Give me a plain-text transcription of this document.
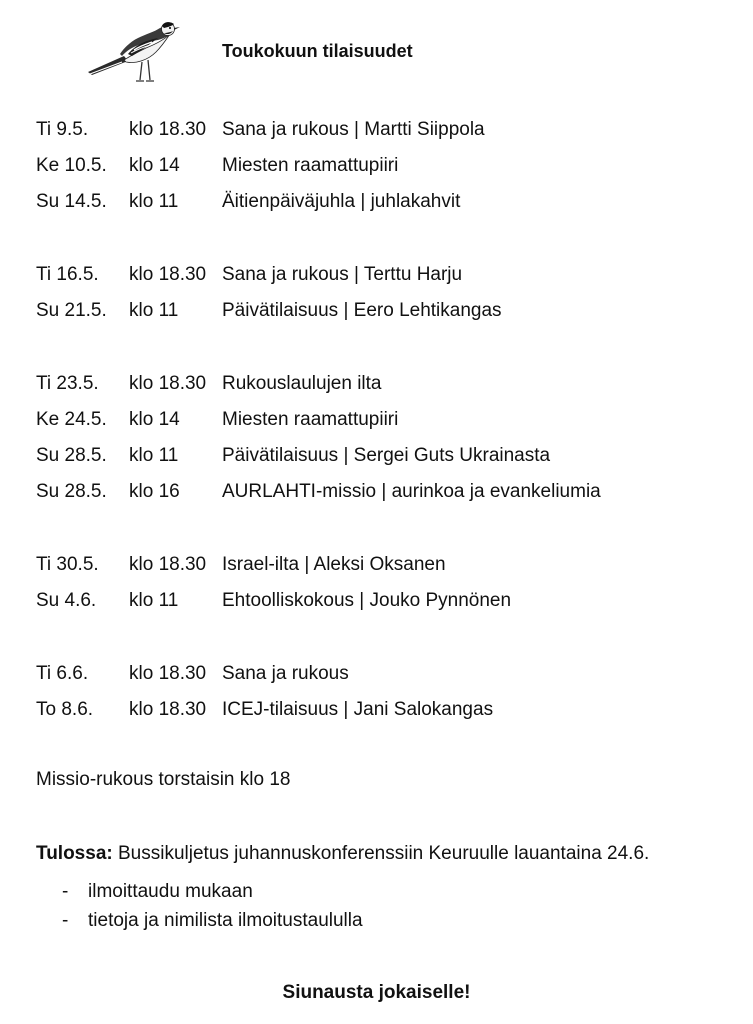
Toukokuun tilaisuudet
Ti 9.5. klo 18.30 Sana ja rukous | Martti Siippola
Ke 10.5. klo 14 Miesten raamattupiiri
Su 14.5. klo 11 Äitienpäiväjuhla | juhlakahvit
Ti 16.5. klo 18.30 Sana ja rukous | Terttu Harju
Su 21.5. klo 11 Päivätilaisuus | Eero Lehtikangas
Ti 23.5. klo 18.30 Rukouslaulujen ilta
Ke 24.5. klo 14 Miesten raamattupiiri
Su 28.5. klo 11 Päivätilaisuus | Sergei Guts Ukrainasta
Su 28.5. klo 16 AURLAHTI-missio | aurinkoa ja evankeliumia
Ti 30.5. klo 18.30 Israel-ilta | Aleksi Oksanen
Su 4.6. klo 11 Ehtoolliskokous | Jouko Pynnönen
Ti 6.6. klo 18.30 Sana ja rukous
To 8.6. klo 18.30 ICEJ-tilaisuus | Jani Salokangas
Missio-rukous torstaisin klo 18
Tulossa: Bussikuljetus juhannuskonferenssiin Keuruulle lauantaina 24.6.
- ilmoittaudu mukaan
- tietoja ja nimilista ilmoitustaululla
Siunausta jokaiselle!
